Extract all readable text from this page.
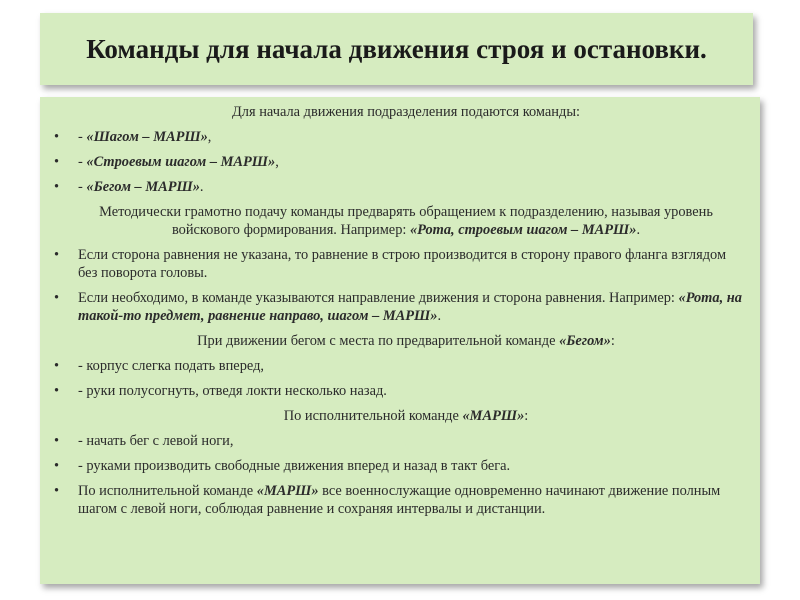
Команды для начала движения строя и остановки.

Для начала движения подразделения подаются команды:

• - «Шагом – МАРШ»,

• - «Строевым шагом – МАРШ»,

• - «Бегом – МАРШ».

Методически грамотно подачу команды предварять обращением к подразделению, называя уровень войскового формирования. Например: «Рота, строевым шагом – МАРШ».

• Если сторона равнения не указана, то равнение в строю производится в сторону правого фланга взглядом без поворота головы.

• Если необходимо, в команде указываются направление движения и сторона равнения. Например: «Рота, на такой-то предмет, равнение направо, шагом – МАРШ».

При движении бегом с места по предварительной команде «Бегом»:

• - корпус слегка подать вперед,

• - руки полусогнуть, отведя локти несколько назад.

По исполнительной команде «МАРШ»:

• - начать бег с левой ноги,

• - руками производить свободные движения вперед и назад в такт бега.

• По исполнительной команде «МАРШ» все военнослужащие одновременно начинают движение полным шагом с левой ноги, соблюдая равнение и сохраняя интервалы и дистанции.
